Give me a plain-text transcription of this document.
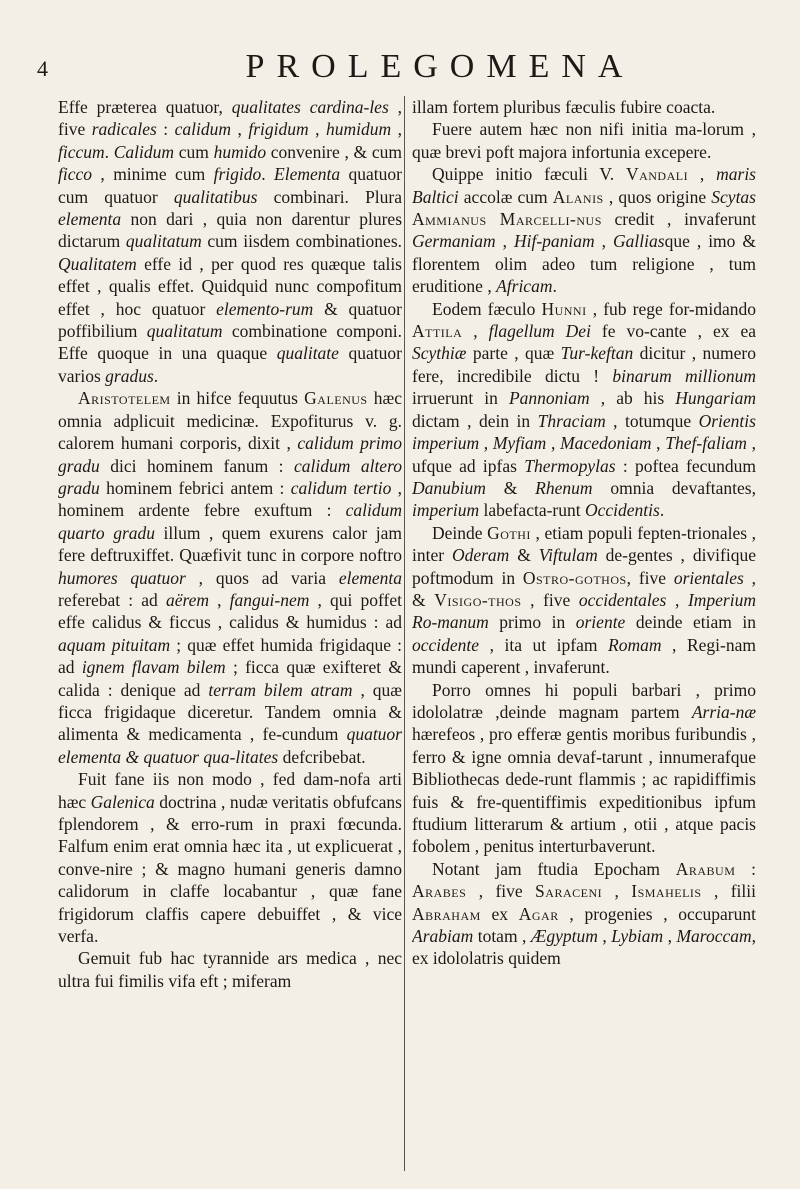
4	PROLEGOMENA

Effe prӕterea quatuor, qualitates cardina-les , five radicales : calidum , frigidum , humidum , ficcum. Calidum cum humido convenire , & cum ficco , minime cum frigido. Elementa quatuor cum quatuor qualitatibus combinari. Plura elementa non dari , quia non darentur plures dictarum qualitatum cum iisdem combinationes. Qualitatem effe id , per quod res quӕque talis effet , qualis effet. Quidquid nunc compofitum effet , hoc quatuor elemento-rum & quatuor poffibilium qualitatum combinatione componi. Effe quoque in una quaque qualitate quatuor varios gradus.

Aristotelem in hifce fequutus Galenus hӕc omnia adplicuit medicinӕ. Expofiturus v. g. calorem humani corporis, dixit , calidum primo gradu dici hominem fanum : calidum altero gradu hominem febrici antem : calidum tertio , hominem ardente febre exuftum : calidum quarto gradu illum , quem exurens calor jam fere deftruxiffet. Quӕfivit tunc in corpore noftro humores quatuor , quos ad varia elementa referebat : ad aërem , fangui-nem , qui poffet effe calidus & ficcus , calidus & humidus : ad aquam pituitam ; quӕ effet humida frigidaque : ad ignem flavam bilem ; ficca quӕ exifteret & calida : denique ad terram bilem atram , quӕ ficca frigidaque diceretur. Tandem omnia & alimenta & medicamenta , fe-cundum quatuor elementa & quatuor qua-litates defcribebat.

Fuit fane iis non modo , fed dam-nofa arti hӕc Galenica doctrina , nudӕ veritatis obfufcans fplendorem , & erro-rum in praxi fœcunda. Falfum enim erat omnia hӕc ita , ut explicuerat , conve-nire ; & magno humani generis damno calidorum in claffe locabantur , quӕ fane frigidorum claffis capere debuiffet , & vice verfa.

Gemuit fub hac tyrannide ars medica , nec ultra fui fimilis vifa eft ; miferam

illam fortem pluribus fӕculis fubire coacta.

Fuere autem hӕc non nifi initia ma-lorum , quӕ brevi poft majora infortunia excepere.

Quippe initio fӕculi V. Vandali , maris Baltici accolӕ cum Alanis , quos origine Scytas Ammianus Marcelli-nus credit , invaferunt Germaniam , Hif-paniam , Galliasque , imo & florentem olim adeo tum religione , tum eruditione , Africam.

Eodem fӕculo Hunni , fub rege for-midando Attila , flagellum Dei fe vo-cante , ex ea Scythiӕ parte , quӕ Tur-keftan dicitur , numero fere, incredibile dictu ! binarum millionum irruerunt in Pannoniam , ab his Hungariam dictam , dein in Thraciam , totumque Orientis imperium , Myfiam , Macedoniam , Thef-faliam , ufque ad ipfas Thermopylas : poftea fecundum Danubium & Rhenum omnia devaftantes, imperium labefacta-runt Occidentis.

Deinde Gothi , etiam populi fepten-trionales , inter Oderam & Viftulam de-gentes , divifique poftmodum in Ostro-gothos, five orientales , & Visigo-thos , five occidentales , Imperium Ro-manum primo in oriente deinde etiam in occidente , ita ut ipfam Romam , Regi-nam mundi caperent , invaferunt.

Porro omnes hi populi barbari , primo idololatrӕ ,deinde magnam partem Arria-nӕ hӕrefeos , pro efferӕ gentis moribus furibundis , ferro & igne omnia devaf-tarunt , innumerafque Bibliothecas dede-runt flammis ; ac rapidiffimis fuis & fre-quentiffimis expeditionibus ipfum ftudium litterarum & artium , otii , atque pacis fobolem , penitus interturbaverunt.

Notant jam ftudia Epocham Arabum : Arabes , five Saraceni , Ismahelis , filii Abraham ex Agar , progenies , occuparunt Arabiam totam , Ægyptum , Lybiam , Maroccam, ex idololatris quidem
